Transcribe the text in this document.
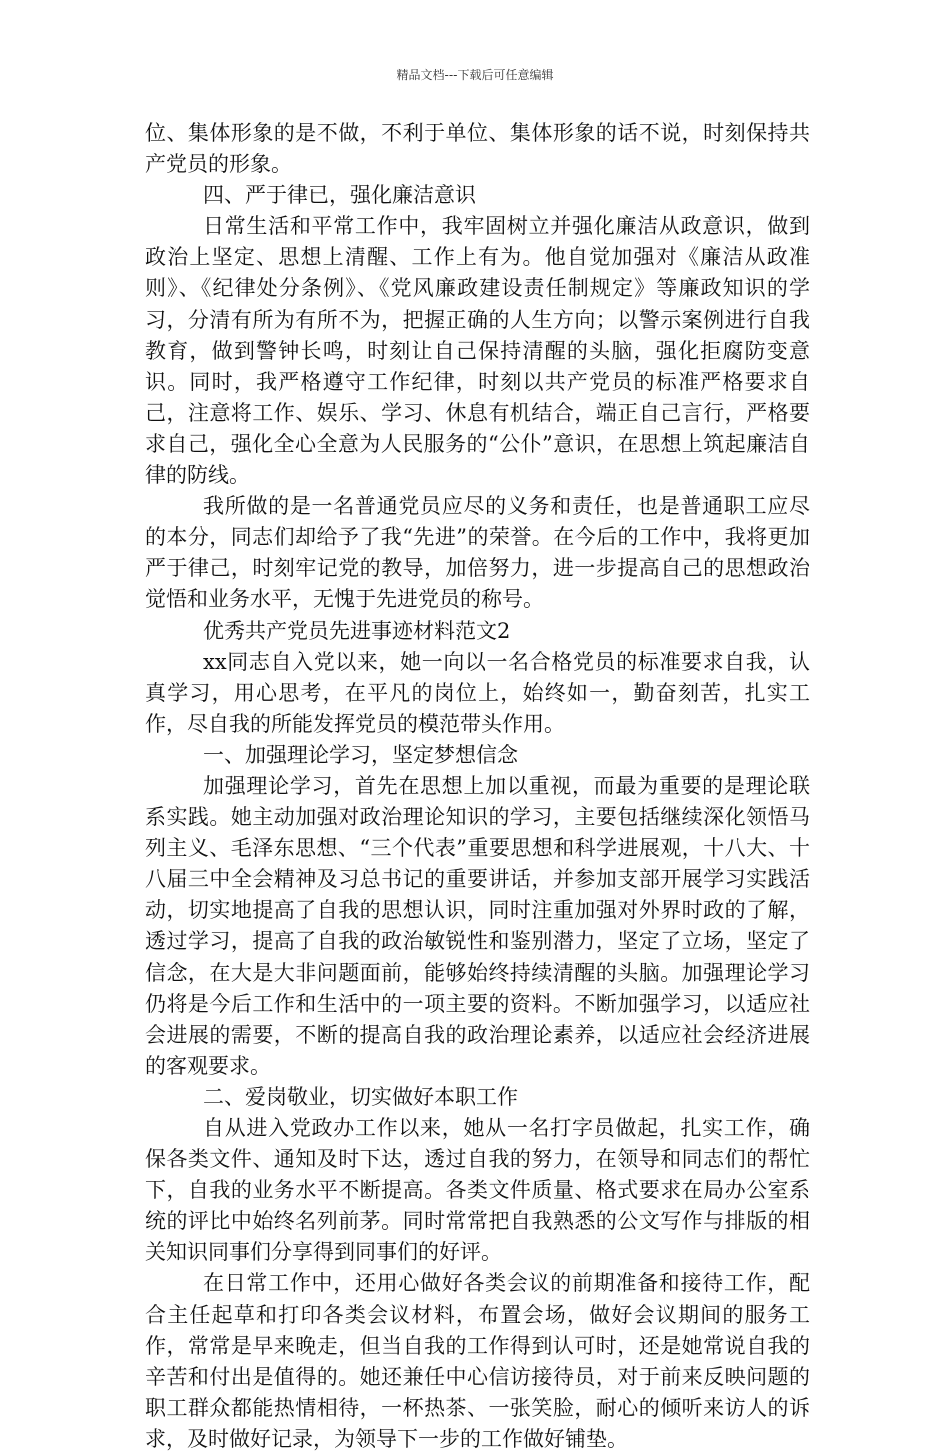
精品文档---下载后可任意编辑

位、集体形象的是不做，不利于单位、集体形象的话不说，时刻保持共产党员的形象。

四、严于律已，强化廉洁意识

日常生活和平常工作中，我牢固树立并强化廉洁从政意识，做到政治上坚定、思想上清醒、工作上有为。他自觉加强对《廉洁从政准则》、《纪律处分条例》、《党风廉政建设责任制规定》等廉政知识的学习，分清有所为有所不为，把握正确的人生方向；以警示案例进行自我教育，做到警钟长鸣，时刻让自己保持清醒的头脑，强化拒腐防变意识。同时，我严格遵守工作纪律，时刻以共产党员的标准严格要求自己，注意将工作、娱乐、学习、休息有机结合，端正自己言行，严格要求自己，强化全心全意为人民服务的“公仆”意识，在思想上筑起廉洁自律的防线。

我所做的是一名普通党员应尽的义务和责任，也是普通职工应尽的本分，同志们却给予了我“先进”的荣誉。在今后的工作中，我将更加严于律己，时刻牢记党的教导，加倍努力，进一步提高自己的思想政治觉悟和业务水平，无愧于先进党员的称号。

优秀共产党员先进事迹材料范文2

xx同志自入党以来，她一向以一名合格党员的标准要求自我，认真学习，用心思考，在平凡的岗位上，始终如一，勤奋刻苦，扎实工作，尽自我的所能发挥党员的模范带头作用。

一、加强理论学习，坚定梦想信念

加强理论学习，首先在思想上加以重视，而最为重要的是理论联系实践。她主动加强对政治理论知识的学习，主要包括继续深化领悟马列主义、毛泽东思想、“三个代表”重要思想和科学进展观，十八大、十八届三中全会精神及习总书记的重要讲话，并参加支部开展学习实践活动，切实地提高了自我的思想认识，同时注重加强对外界时政的了解，透过学习，提高了自我的政治敏锐性和鉴别潜力，坚定了立场，坚定了信念，在大是大非问题面前，能够始终持续清醒的头脑。加强理论学习仍将是今后工作和生活中的一项主要的资料。不断加强学习，以适应社会进展的需要，不断的提高自我的政治理论素养，以适应社会经济进展的客观要求。

二、爱岗敬业，切实做好本职工作

自从进入党政办工作以来，她从一名打字员做起，扎实工作，确保各类文件、通知及时下达，透过自我的努力，在领导和同志们的帮忙下，自我的业务水平不断提高。各类文件质量、格式要求在局办公室系统的评比中始终名列前茅。同时常常把自我熟悉的公文写作与排版的相关知识同事们分享得到同事们的好评。

在日常工作中，还用心做好各类会议的前期准备和接待工作，配合主任起草和打印各类会议材料，布置会场，做好会议期间的服务工作，常常是早来晚走，但当自我的工作得到认可时，还是她常说自我的辛苦和付出是值得的。她还兼任中心信访接待员，对于前来反映问题的职工群众都能热情相待，一杯热茶、一张笑脸，耐心的倾听来访人的诉求，及时做好记录，为领导下一步的工作做好铺垫。
